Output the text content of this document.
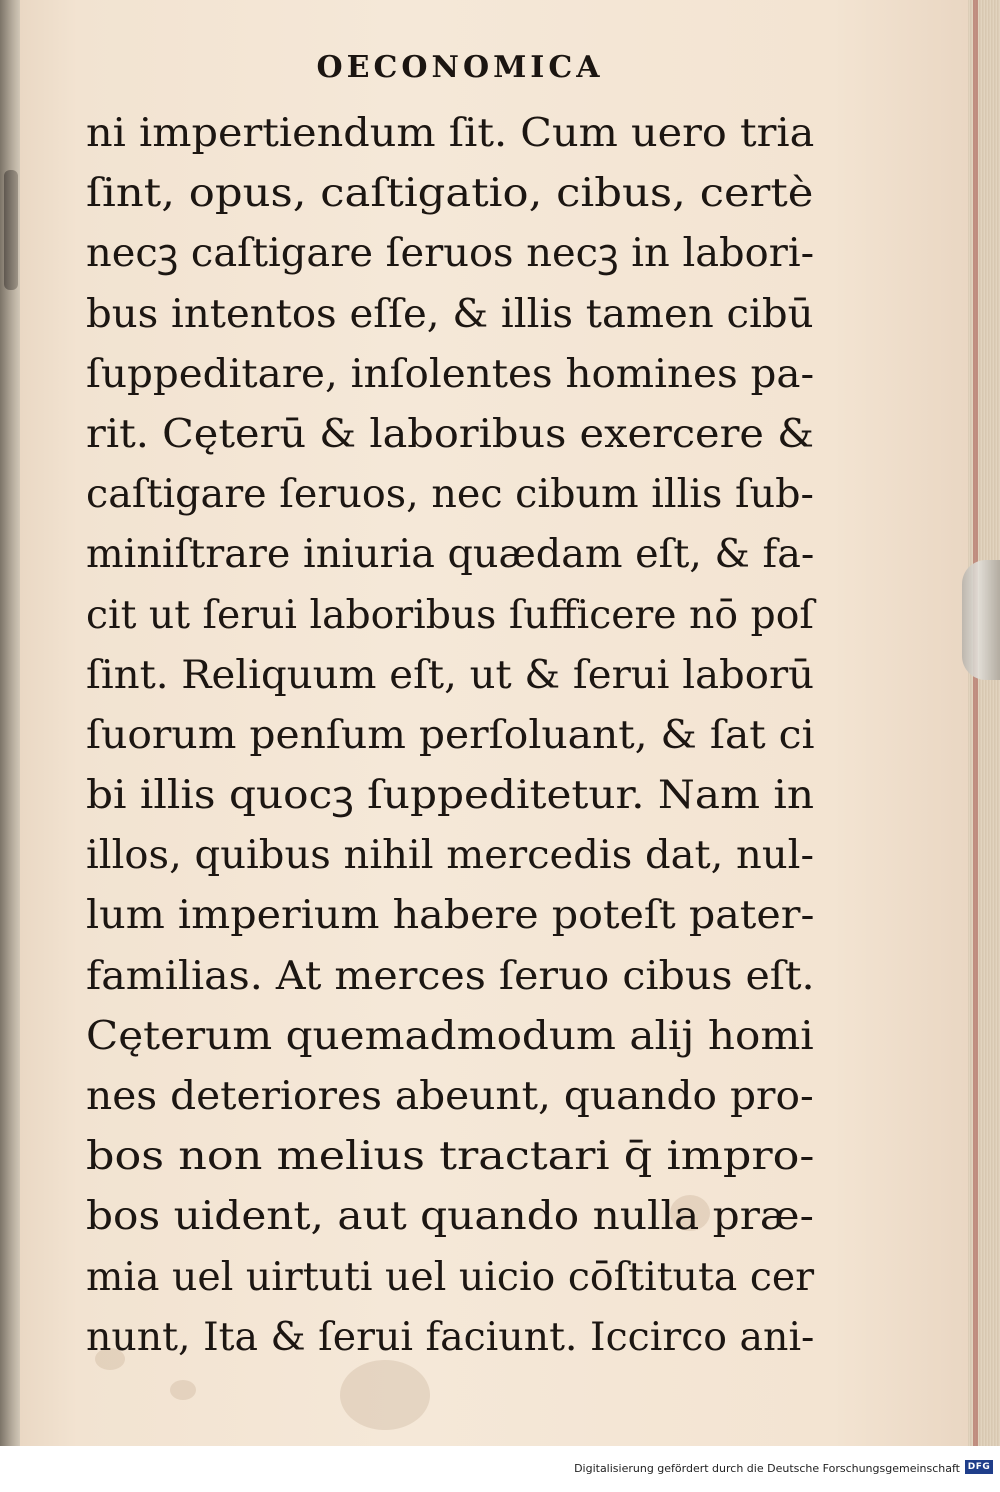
OECONOMICA
ni impertiendum ſit. Cum uero tria
ſint, opus, caſtigatio, cibus, certè
necꝫ caſtigare ſeruos necꝫ in labori-
bus intentos eſſe, & illis tamen cibū
ſuppeditare, inſolentes homines pa-
rit. Cęterū & laboribus exercere &
caſtigare ſeruos, nec cibum illis ſub-
miniſtrare iniuria quædam eſt, & fa-
cit ut ſerui laboribus ſufficere nō poſ
ſint. Reliquum eſt, ut & ſerui laborū
ſuorum penſum perſoluant, & ſat ci
bi illis quocꝫ ſuppeditetur. Nam in
illos, quibus nihil mercedis dat, nul-
lum imperium habere poteſt pater-
familias. At merces ſeruo cibus eſt.
Cęterum quemadmodum alij homi
nes deteriores abeunt, quando pro-
bos non melius tractari q̄ impro-
bos uident, aut quando nulla præ-
mia uel uirtuti uel uicio cōſtituta cer
nunt, Ita & ſerui faciunt. Iccirco ani-
Digitalisierung gefördert durch die Deutsche Forschungsgemeinschaft DFG
